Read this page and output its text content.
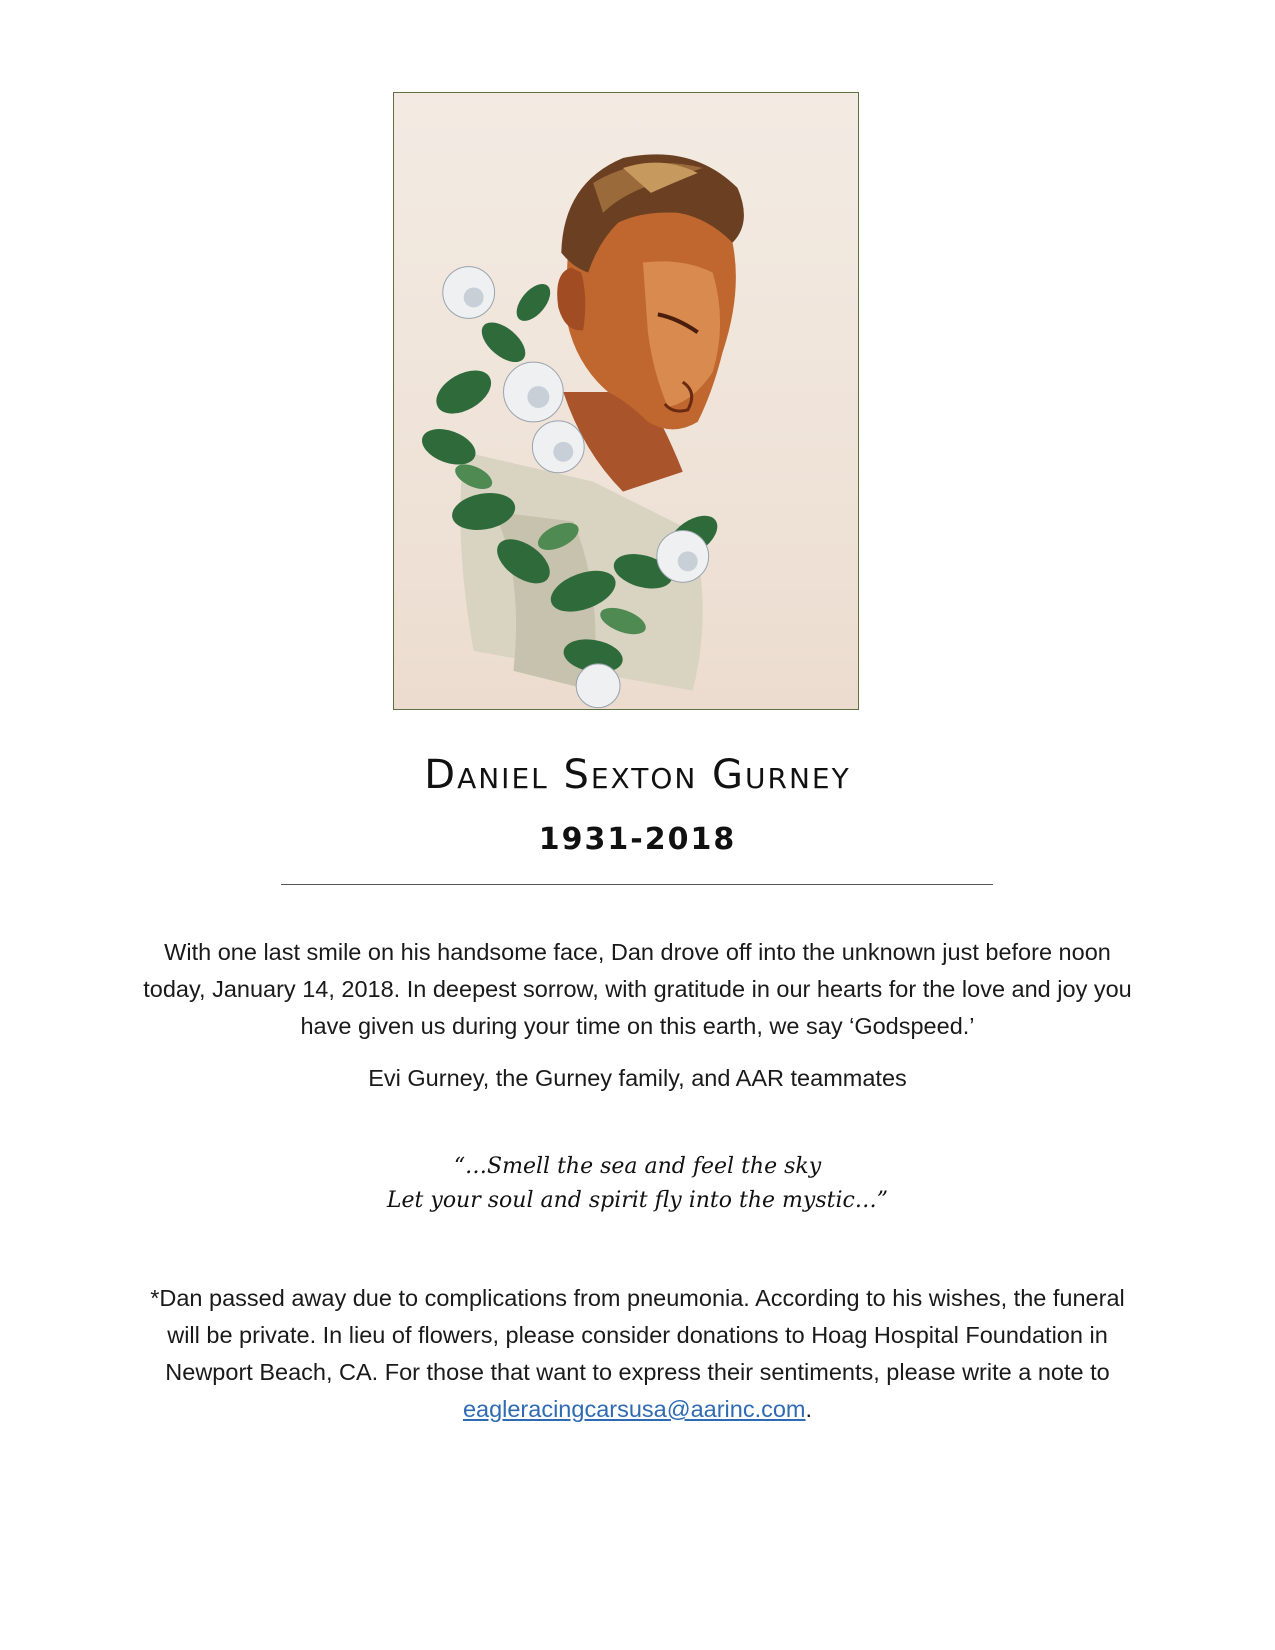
Daniel Sexton Gurney
1931-2018

With one last smile on his handsome face, Dan drove off into the unknown just before noon today, January 14, 2018. In deepest sorrow, with gratitude in our hearts for the love and joy you have given us during your time on this earth, we say ‘Godspeed.’

Evi Gurney, the Gurney family, and AAR teammates

“…Smell the sea and feel the sky
Let your soul and spirit fly into the mystic…”

*Dan passed away due to complications from pneumonia. According to his wishes, the funeral will be private. In lieu of flowers, please consider donations to Hoag Hospital Foundation in Newport Beach, CA. For those that want to express their sentiments, please write a note to eagleracingcarsusa@aarinc.com.
